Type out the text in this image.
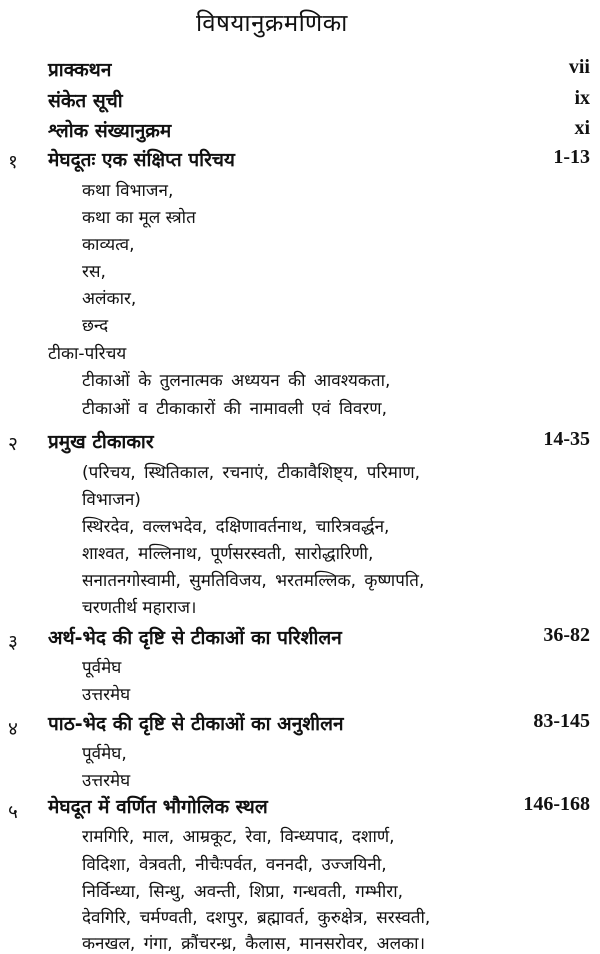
विषयानुक्रमणिका
प्राक्कथन	vii
संकेत सूची	ix
श्लोक संख्यानुक्रम	xi
१ मेघदूतः एक संक्षिप्त परिचय	1-13
कथा विभाजन,
कथा का मूल स्त्रोत
काव्यत्व,
रस,
अलंकार,
छन्द
टीका-परिचय
टीकाओं के तुलनात्मक अध्ययन की आवश्यकता,
टीकाओं व टीकाकारों की नामावली एवं विवरण,
२ प्रमुख टीकाकार	14-35
(परिचय, स्थितिकाल, रचनाएं, टीकावैशिष्ट्य, परिमाण,
विभाजन)
स्थिरदेव, वल्लभदेव, दक्षिणावर्तनाथ, चारित्रवर्द्धन,
शाश्वत, मल्लिनाथ, पूर्णसरस्वती, सारोद्धारिणी,
सनातनगोस्वामी, सुमतिविजय, भरतमल्लिक, कृष्णपति,
चरणतीर्थ महाराज।
३ अर्थ-भेद की दृष्टि से टीकाओं का परिशीलन	36-82
पूर्वमेघ
उत्तरमेघ
४ पाठ-भेद की दृष्टि से टीकाओं का अनुशीलन	83-145
पूर्वमेघ,
उत्तरमेघ
५ मेघदूत में वर्णित भौगोलिक स्थल	146-168
रामगिरि, माल, आम्रकूट, रेवा, विन्ध्यपाद, दशार्ण,
विदिशा, वेत्रवती, नीचैःपर्वत, वननदी, उज्जयिनी,
निर्विन्ध्या, सिन्धु, अवन्ती, शिप्रा, गन्धवती, गम्भीरा,
देवगिरि, चर्मण्वती, दशपुर, ब्रह्मावर्त, कुरुक्षेत्र, सरस्वती,
कनखल, गंगा, क्रौंचरन्ध्र, कैलास, मानसरोवर, अलका।
